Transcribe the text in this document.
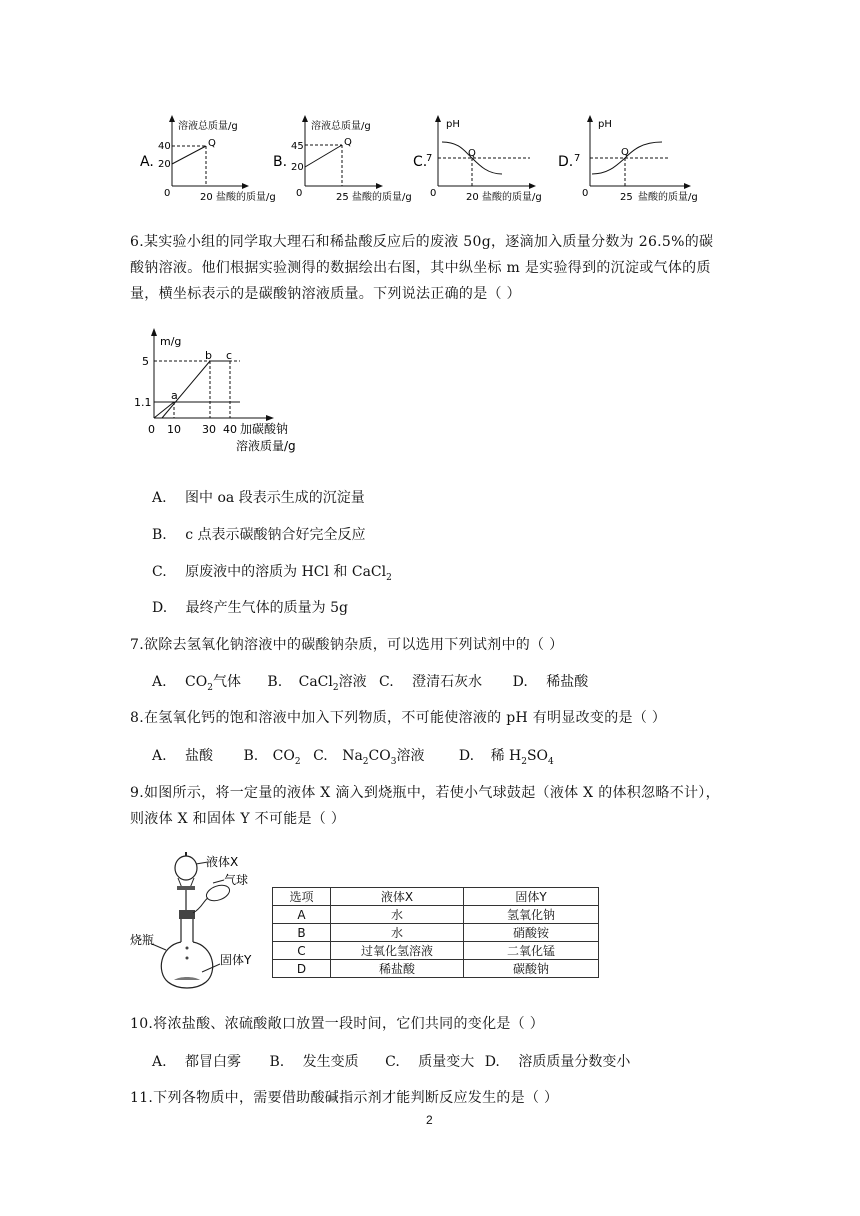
A.
溶液总质量/g
40
20
Q
0	20 盐酸的质量/g
B.
溶液总质量/g
45
20
Q
0	25 盐酸的质量/g
C.
pH
7	Q
0	20 盐酸的质量/g
D.
pH
7
Q
0	25 盐酸的质量/g
6.某实验小组的同学取大理石和稀盐酸反应后的废液 50g，逐滴加入质量分数为 26.5%的碳
酸钠溶液。他们根据实验测得的数据绘出右图，其中纵坐标 m 是实验得到的沉淀或气体的质
量，横坐标表示的是碳酸钠溶液质量。下列说法正确的是（ ）
m/g
5
1.1
a
b c
0 10 30 40 加碳酸钠
溶液质量/g
A. 图中 oa 段表示生成的沉淀量
B. c 点表示碳酸钠合好完全反应
C. 原废液中的溶质为 HCl 和 CaCl$_2$
D. 最终产生气体的质量为 5g
7.欲除去氢氧化钠溶液中的碳酸钠杂质，可以选用下列试剂中的（ ）
A. $CO_2$气体 B. CaCl$_2$溶液 C. 澄清石灰水 D. 稀盐酸
8.在氢氧化钙的饱和溶液中加入下列物质，不可能使溶液的 pH 有明显改变的是（ ）
A. 盐酸 B. $CO_2$ C. $Na_2CO_3$溶液 D. 稀 $H_2SO_4$
9.如图所示，将一定量的液体 X 滴入到烧瓶中，若使小气球鼓起（液体 X 的体积忽略不计），
则液体 X 和固体 Y 不可能是（ ）
液体X
气球
烧瓶
固体Y
选项	液体X	固体Y
A	水	氢氧化钠
B	水	硝酸铵
C	过氧化氢溶液	二氧化锰
D	稀盐酸	碳酸钠
10.将浓盐酸、浓硫酸敞口放置一段时间，它们共同的变化是（ ）
A. 都冒白雾 B. 发生变质 C. 质量变大 D. 溶质质量分数变小
11.下列各物质中，需要借助酸碱指示剂才能判断反应发生的是（ ）
2
